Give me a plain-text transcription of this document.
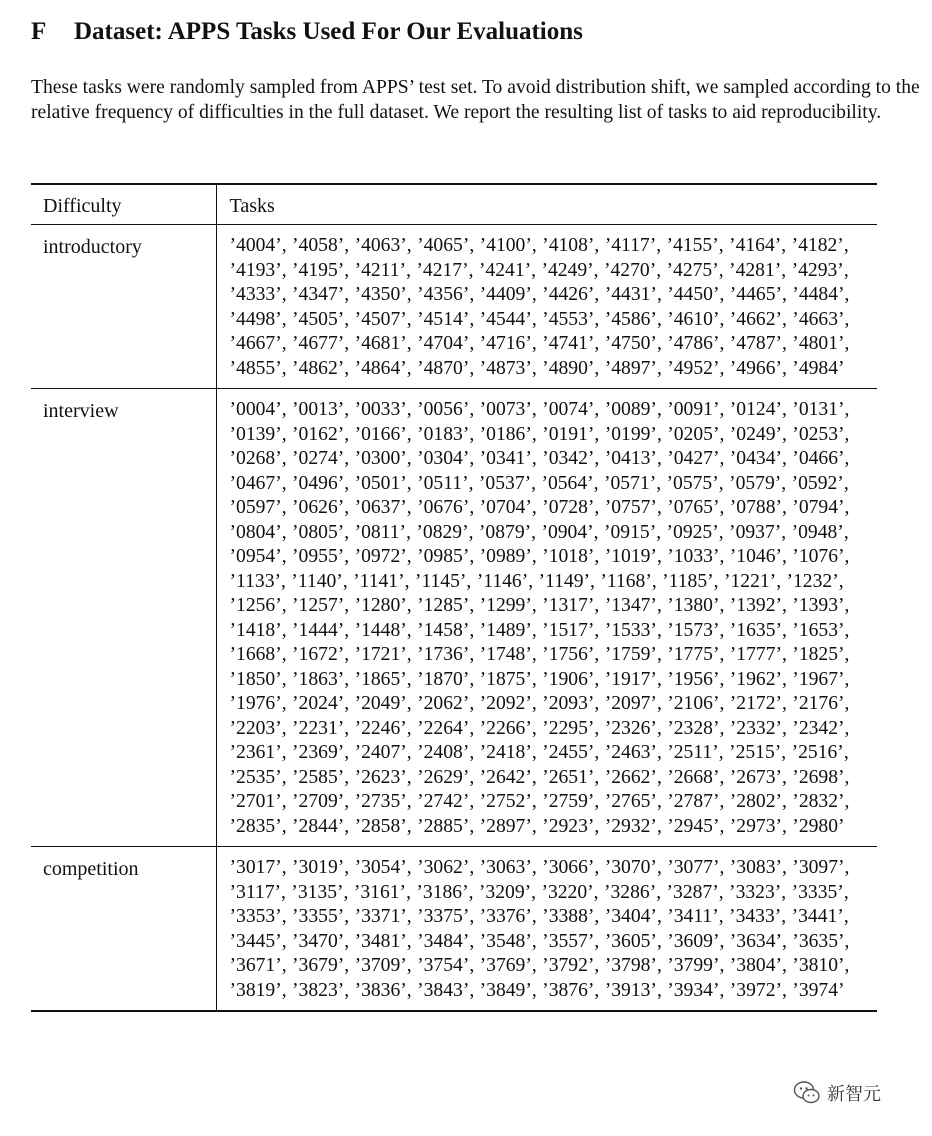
F Dataset: APPS Tasks Used For Our Evaluations

These tasks were randomly sampled from APPS’ test set. To avoid distribution shift, we sampled according to the relative frequency of difficulties in the full dataset. We report the resulting list of tasks to aid reproducibility.

Difficulty	Tasks

introductory	’4004’, ’4058’, ’4063’, ’4065’, ’4100’, ’4108’, ’4117’, ’4155’, ’4164’, ’4182’, ’4193’, ’4195’, ’4211’, ’4217’, ’4241’, ’4249’, ’4270’, ’4275’, ’4281’, ’4293’, ’4333’, ’4347’, ’4350’, ’4356’, ’4409’, ’4426’, ’4431’, ’4450’, ’4465’, ’4484’, ’4498’, ’4505’, ’4507’, ’4514’, ’4544’, ’4553’, ’4586’, ’4610’, ’4662’, ’4663’, ’4667’, ’4677’, ’4681’, ’4704’, ’4716’, ’4741’, ’4750’, ’4786’, ’4787’, ’4801’, ’4855’, ’4862’, ’4864’, ’4870’, ’4873’, ’4890’, ’4897’, ’4952’, ’4966’, ’4984’

interview	’0004’, ’0013’, ’0033’, ’0056’, ’0073’, ’0074’, ’0089’, ’0091’, ’0124’, ’0131’, ’0139’, ’0162’, ’0166’, ’0183’, ’0186’, ’0191’, ’0199’, ’0205’, ’0249’, ’0253’, ’0268’, ’0274’, ’0300’, ’0304’, ’0341’, ’0342’, ’0413’, ’0427’, ’0434’, ’0466’, ’0467’, ’0496’, ’0501’, ’0511’, ’0537’, ’0564’, ’0571’, ’0575’, ’0579’, ’0592’, ’0597’, ’0626’, ’0637’, ’0676’, ’0704’, ’0728’, ’0757’, ’0765’, ’0788’, ’0794’, ’0804’, ’0805’, ’0811’, ’0829’, ’0879’, ’0904’, ’0915’, ’0925’, ’0937’, ’0948’, ’0954’, ’0955’, ’0972’, ’0985’, ’0989’, ’1018’, ’1019’, ’1033’, ’1046’, ’1076’, ’1133’, ’1140’, ’1141’, ’1145’, ’1146’, ’1149’, ’1168’, ’1185’, ’1221’, ’1232’, ’1256’, ’1257’, ’1280’, ’1285’, ’1299’, ’1317’, ’1347’, ’1380’, ’1392’, ’1393’, ’1418’, ’1444’, ’1448’, ’1458’, ’1489’, ’1517’, ’1533’, ’1573’, ’1635’, ’1653’, ’1668’, ’1672’, ’1721’, ’1736’, ’1748’, ’1756’, ’1759’, ’1775’, ’1777’, ’1825’, ’1850’, ’1863’, ’1865’, ’1870’, ’1875’, ’1906’, ’1917’, ’1956’, ’1962’, ’1967’, ’1976’, ’2024’, ’2049’, ’2062’, ’2092’, ’2093’, ’2097’, ’2106’, ’2172’, ’2176’, ’2203’, ’2231’, ’2246’, ’2264’, ’2266’, ’2295’, ’2326’, ’2328’, ’2332’, ’2342’, ’2361’, ’2369’, ’2407’, ’2408’, ’2418’, ’2455’, ’2463’, ’2511’, ’2515’, ’2516’, ’2535’, ’2585’, ’2623’, ’2629’, ’2642’, ’2651’, ’2662’, ’2668’, ’2673’, ’2698’, ’2701’, ’2709’, ’2735’, ’2742’, ’2752’, ’2759’, ’2765’, ’2787’, ’2802’, ’2832’, ’2835’, ’2844’, ’2858’, ’2885’, ’2897’, ’2923’, ’2932’, ’2945’, ’2973’, ’2980’

competition	’3017’, ’3019’, ’3054’, ’3062’, ’3063’, ’3066’, ’3070’, ’3077’, ’3083’, ’3097’, ’3117’, ’3135’, ’3161’, ’3186’, ’3209’, ’3220’, ’3286’, ’3287’, ’3323’, ’3335’, ’3353’, ’3355’, ’3371’, ’3375’, ’3376’, ’3388’, ’3404’, ’3411’, ’3433’, ’3441’, ’3445’, ’3470’, ’3481’, ’3484’, ’3548’, ’3557’, ’3605’, ’3609’, ’3634’, ’3635’, ’3671’, ’3679’, ’3709’, ’3754’, ’3769’, ’3792’, ’3798’, ’3799’, ’3804’, ’3810’, ’3819’, ’3823’, ’3836’, ’3843’, ’3849’, ’3876’, ’3913’, ’3934’, ’3972’, ’3974’
新智元
